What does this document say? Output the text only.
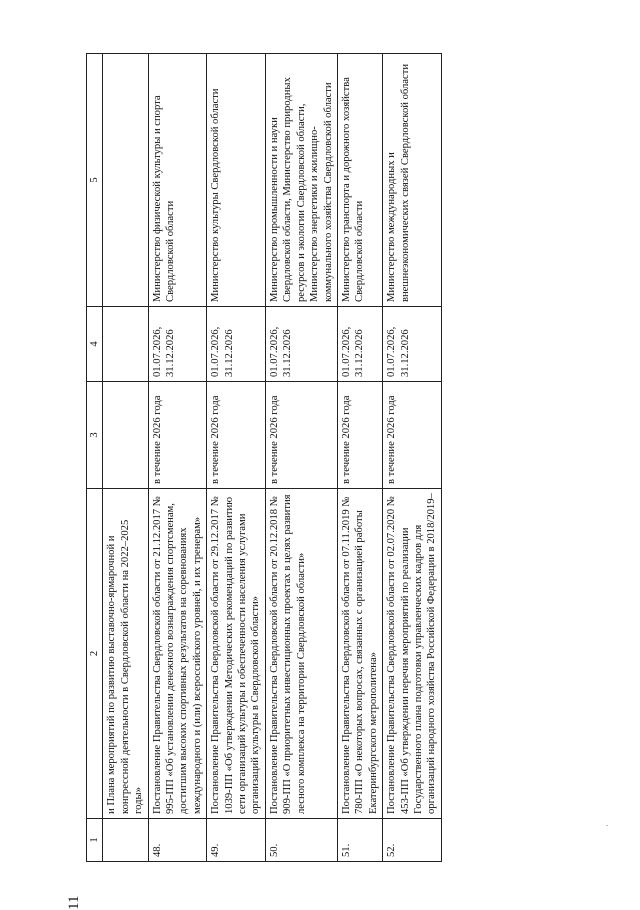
11
1	2	3	4	5
	и Плана мероприятий по развитию выставочно-ярмарочной и конгрессной деятельности в Свердловской области на 2022–2025 годы»			
48.	Постановление Правительства Свердловской области от 21.12.2017 № 995-ПП «Об установлении денежного вознаграждения спортсменам, достигшим высоких спортивных результатов на соревнованиях международного и (или) всероссийского уровней, и их тренерам»	в течение 2026 года	01.07.2026,
31.12.2026	Министерство физической культуры и спорта Свердловской области
49.	Постановление Правительства Свердловской области от 29.12.2017 № 1039-ПП «Об утверждении Методических рекомендаций по развитию сети организаций культуры и обеспеченности населения услугами организаций культуры в Свердловской области»	в течение 2026 года	01.07.2026,
31.12.2026	Министерство культуры Свердловской области
50.	Постановление Правительства Свердловской области от 20.12.2018 № 909-ПП «О приоритетных инвестиционных проектах в целях развития лесного комплекса на территории Свердловской области»	в течение 2026 года	01.07.2026,
31.12.2026	Министерство промышленности и науки Свердловской области, Министерство природных ресурсов и экологии Свердловской области, Министерство энергетики и жилищно-коммунального хозяйства Свердловской области
51.	Постановление Правительства Свердловской области от 07.11.2019 № 780-ПП «О некоторых вопросах, связанных с организацией работы Екатеринбургского метрополитена»	в течение 2026 года	01.07.2026,
31.12.2026	Министерство транспорта и дорожного хозяйства Свердловской области
52.	Постановление Правительства Свердловской области от 02.07.2020 № 453-ПП «Об утверждении перечня мероприятий по реализации Государственного плана подготовки управленческих кадров для организаций народного хозяйства Российской Федерации в 2018/2019–	в течение 2026 года	01.07.2026,
31.12.2026	Министерство международных и внешнеэкономических связей Свердловской области
.
